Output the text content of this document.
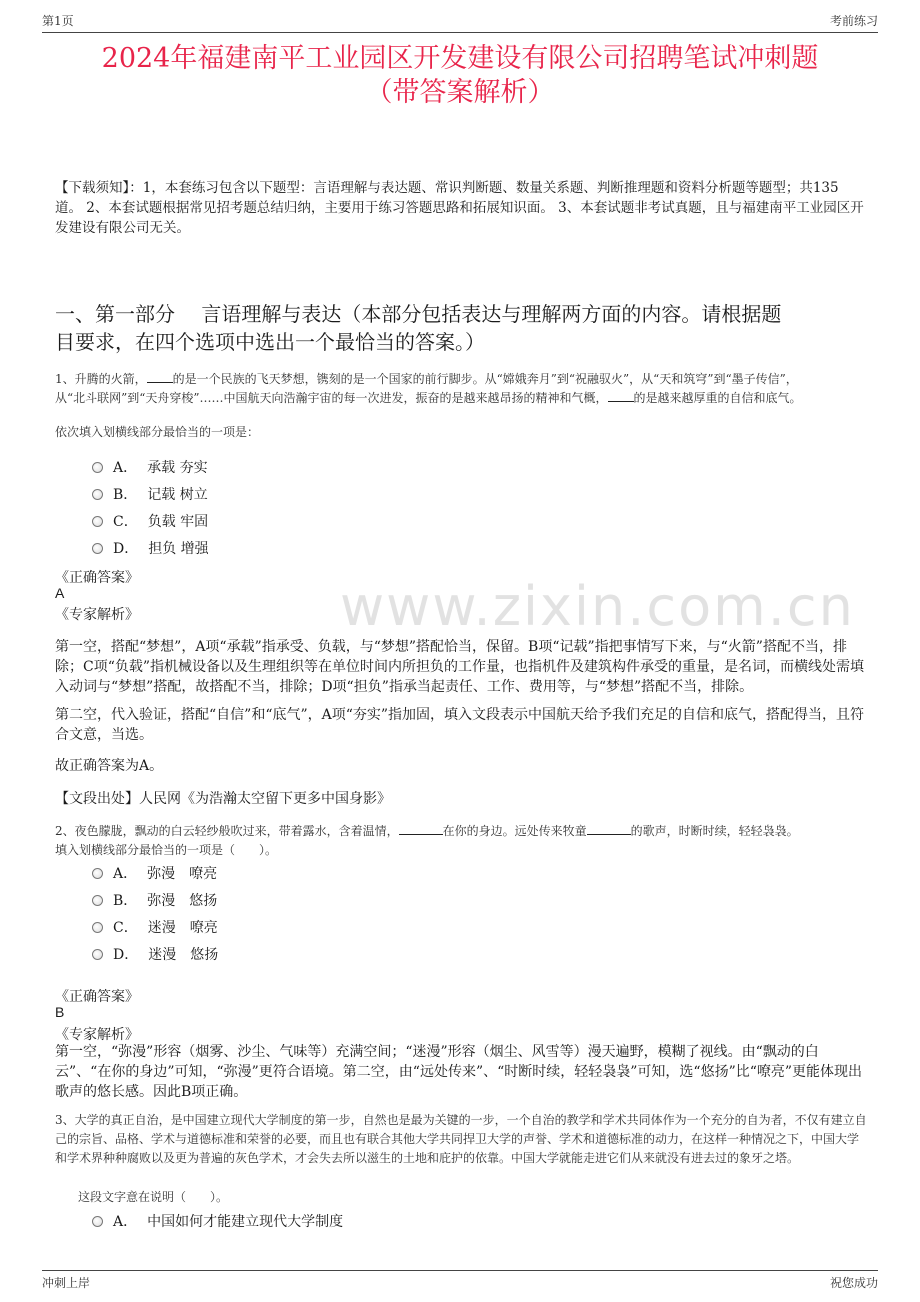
第1页	考前练习
www.zixin.com.cn
2024年福建南平工业园区开发建设有限公司招聘笔试冲刺题
（带答案解析）
【下载须知】：1，本套练习包含以下题型：言语理解与表达题、常识判断题、数量关系题、判断推理题和资料分析题等题型；共135道。 2、本套试题根据常见招考题总结归纳，主要用于练习答题思路和拓展知识面。 3、本套试题非考试真题，且与福建南平工业园区开发建设有限公司无关。
一、第一部分　 言语理解与表达（本部分包括表达与理解两方面的内容。请根据题
目要求，在四个选项中选出一个最恰当的答案。）
1、升腾的火箭， 的是一个民族的飞天梦想，镌刻的是一个国家的前行脚步。从“嫦娥奔月”到“祝融驭火”，从“天和筑穹”到“墨子传信”，
从“北斗联网”到“天舟穿梭”……中国航天向浩瀚宇宙的每一次进发，振奋的是越来越昂扬的精神和气概， 的是越来越厚重的自信和底气。
依次填入划横线部分最恰当的一项是：
A． 承载 夯实
B． 记载 树立
C． 负载 牢固
D． 担负 增强
《正确答案》
A
《专家解析》
第一空，搭配“梦想”，A项“承载”指承受、负载，与“梦想”搭配恰当，保留。B项“记载”指把事情写下来，与“火箭”搭配不当，排除；C项“负载”指机械设备以及生理组织等在单位时间内所担负的工作量，也指机件及建筑构件承受的重量，是名词，而横线处需填入动词与“梦想”搭配，故搭配不当，排除；D项“担负”指承当起责任、工作、费用等，与“梦想”搭配不当，排除。
第二空，代入验证，搭配“自信”和“底气”，A项“夯实”指加固，填入文段表示中国航天给予我们充足的自信和底气，搭配得当，且符合文意，当选。
故正确答案为A。
【文段出处】人民网《为浩瀚太空留下更多中国身影》
2、夜色朦胧，飘动的白云轻纱般吹过来，带着露水，含着温情，	在你的身边。远处传来牧童	的歌声，时断时续，轻轻袅袅。
填入划横线部分最恰当的一项是（　　）。
A． 弥漫　嘹亮
B． 弥漫　悠扬
C． 迷漫　嘹亮
D． 迷漫　悠扬
《正确答案》
B
《专家解析》
第一空，“弥漫”形容（烟雾、沙尘、气味等）充满空间；“迷漫”形容（烟尘、风雪等）漫天遍野，模糊了视线。由“飘动的白云”、“在你的身边”可知，“弥漫”更符合语境。第二空，由“远处传来”、“时断时续，轻轻袅袅”可知，选“悠扬”比“嘹亮”更能体现出歌声的悠长感。因此B项正确。
3、大学的真正自治，是中国建立现代大学制度的第一步，自然也是最为关键的一步，一个自治的教学和学术共同体作为一个充分的自为者，不仅有建立自己的宗旨、品格、学术与道德标准和荣誉的必要，而且也有联合其他大学共同捍卫大学的声誉、学术和道德标准的动力，在这样一种情况之下，中国大学和学术界种种腐败以及更为普遍的灰色学术，才会失去所以滋生的土地和庇护的依靠。中国大学就能走进它们从来就没有进去过的象牙之塔。
这段文字意在说明（　　）。
A． 中国如何才能建立现代大学制度
冲刺上岸	祝您成功
